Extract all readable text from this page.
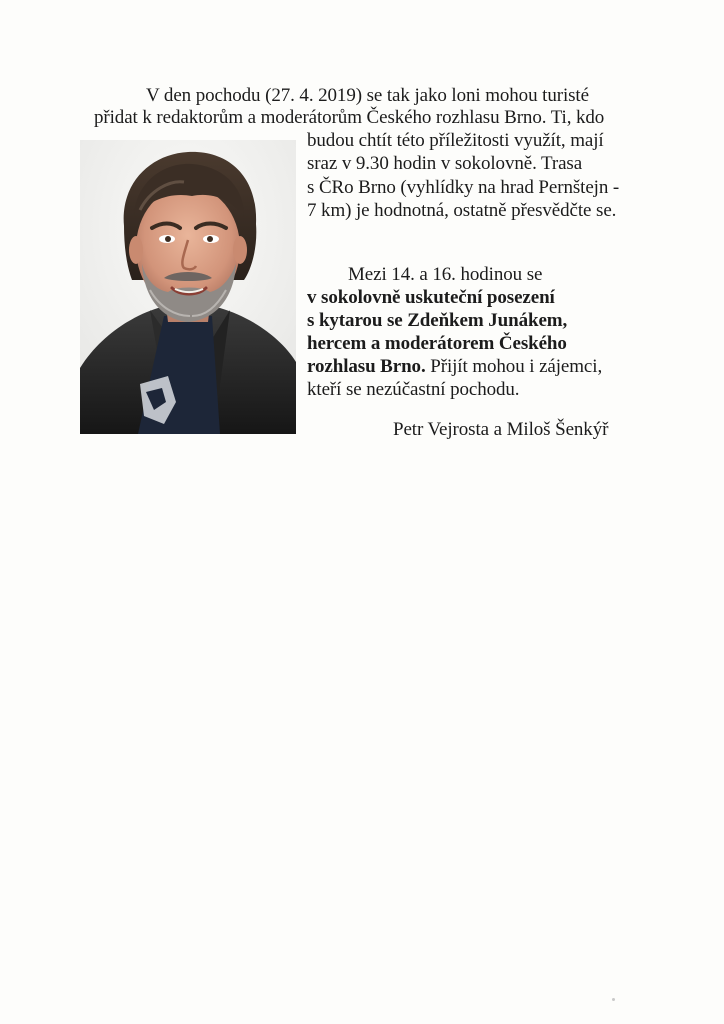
V den pochodu (27. 4. 2019) se tak jako loni mohou turisté
přidat k redaktorům a moderátorům Českého rozhlasu Brno. Ti, kdo
budou chtít této příležitosti využít, mají
sraz v 9.30 hodin v sokolovně. Trasa
s ČRo Brno (vyhlídky na hrad Pernštejn -
7 km) je hodnotná, ostatně přesvědčte se.
Mezi 14. a 16. hodinou se
v sokolovně uskuteční posezení
s kytarou se Zdeňkem Junákem,
hercem a moderátorem Českého
rozhlasu Brno. Přijít mohou i zájemci,
kteří se nezúčastní pochodu.
Petr Vejrosta a Miloš Šenkýř
